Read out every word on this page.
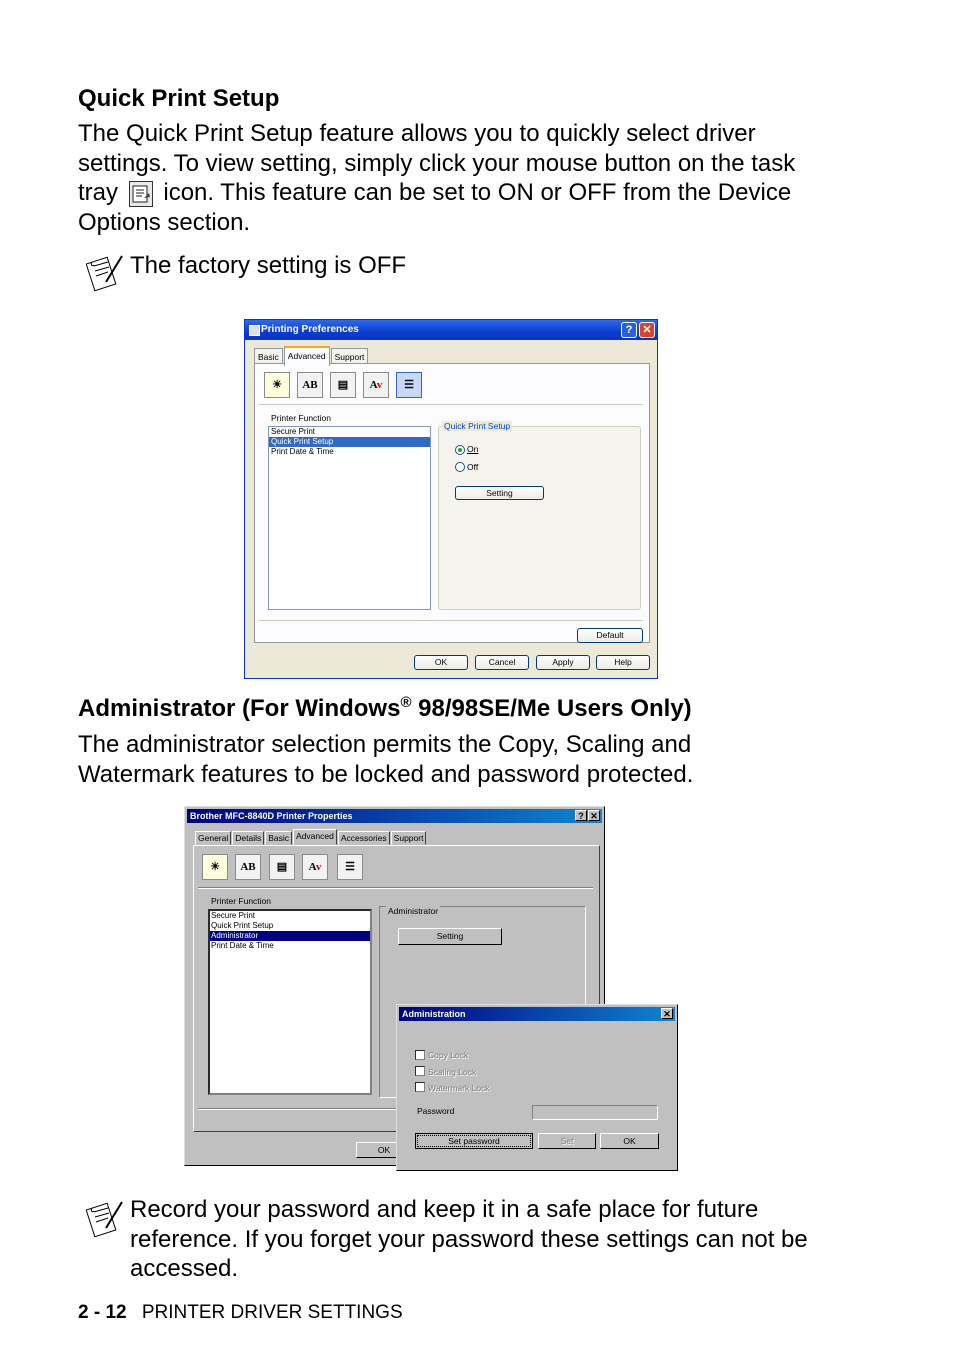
Quick Print Setup

The Quick Print Setup feature allows you to quickly select driver

settings. To view setting, simply click your mouse button on the task

tray  icon. This feature can be set to ON or OFF from the Device

Options section.

The factory setting is OFF
Printing Preferences	? ✕
Basic	Advanced	Support
☀	AB	▤	Av	☰
Printer Function
Secure Print
Quick Print Setup
Print Date & Time
Quick Print Setup
On
Off
Setting
Default
OK	Cancel	Apply	Help
Administrator (For Windows® 98/98SE/Me Users Only)

The administrator selection permits the Copy, Scaling and

Watermark features to be locked and password protected.

Brother MFC-8840D Printer Properties	? ✕
General Details Basic Advanced Accessories Support
☀	AB	▤	Av	☰
Printer Function
Secure Print
Quick Print Setup
Administrator
Print Date & Time
Administrator
Setting
OK
Administration	✕
Copy Lock
Scaling Lock
Watermark Lock
Password
Set password	Set	OK
Record your password and keep it in a safe place for future
reference. If you forget your password these settings can not be
accessed.
2 - 12 PRINTER DRIVER SETTINGS
